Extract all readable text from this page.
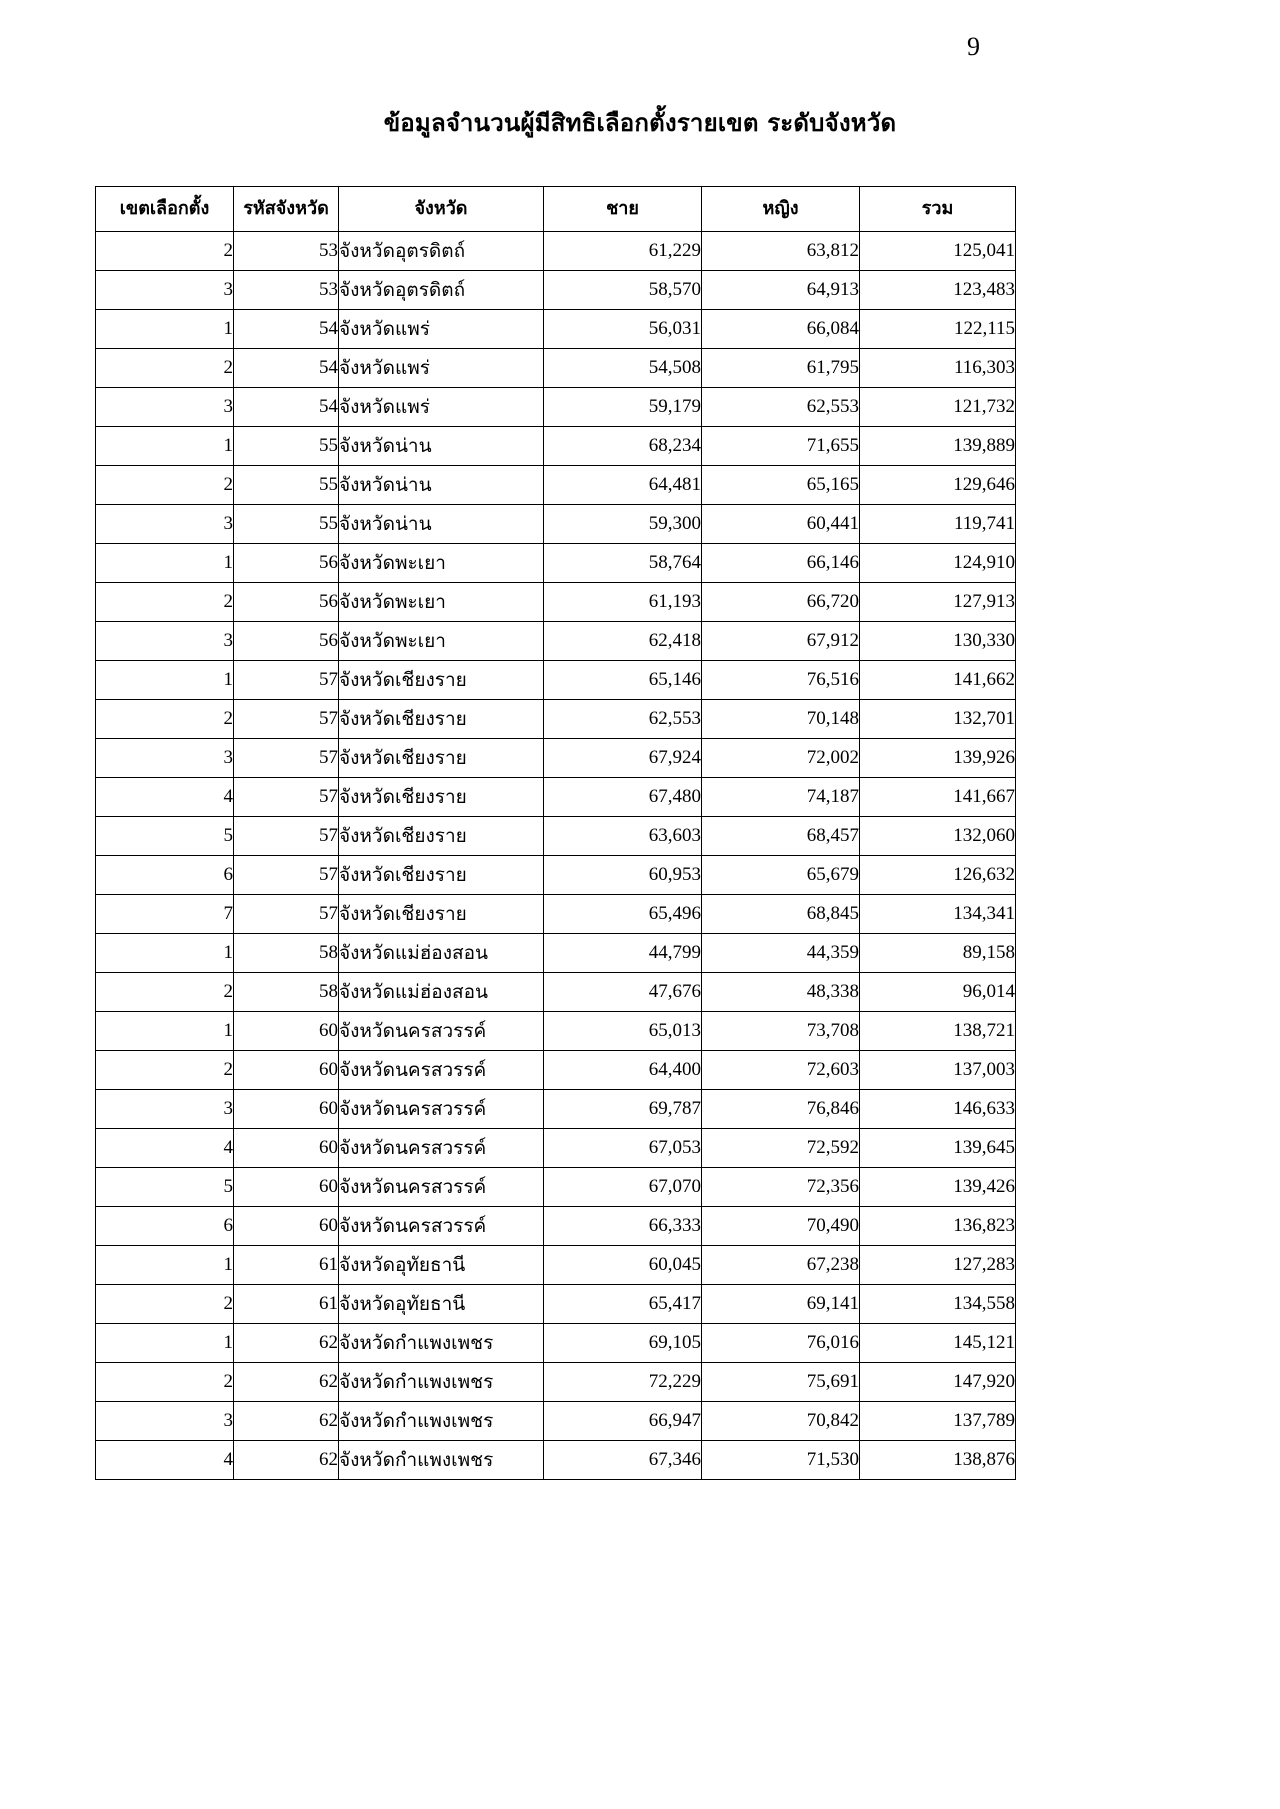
9
ข้อมูลจำนวนผู้มีสิทธิเลือกตั้งรายเขต ระดับจังหวัด
เขตเลือกตั้ง	รหัสจังหวัด	จังหวัด	ชาย	หญิง	รวม
2	53	จังหวัดอุตรดิตถ์	61,229	63,812	125,041
3	53	จังหวัดอุตรดิตถ์	58,570	64,913	123,483
1	54	จังหวัดแพร่	56,031	66,084	122,115
2	54	จังหวัดแพร่	54,508	61,795	116,303
3	54	จังหวัดแพร่	59,179	62,553	121,732
1	55	จังหวัดน่าน	68,234	71,655	139,889
2	55	จังหวัดน่าน	64,481	65,165	129,646
3	55	จังหวัดน่าน	59,300	60,441	119,741
1	56	จังหวัดพะเยา	58,764	66,146	124,910
2	56	จังหวัดพะเยา	61,193	66,720	127,913
3	56	จังหวัดพะเยา	62,418	67,912	130,330
1	57	จังหวัดเชียงราย	65,146	76,516	141,662
2	57	จังหวัดเชียงราย	62,553	70,148	132,701
3	57	จังหวัดเชียงราย	67,924	72,002	139,926
4	57	จังหวัดเชียงราย	67,480	74,187	141,667
5	57	จังหวัดเชียงราย	63,603	68,457	132,060
6	57	จังหวัดเชียงราย	60,953	65,679	126,632
7	57	จังหวัดเชียงราย	65,496	68,845	134,341
1	58	จังหวัดแม่ฮ่องสอน	44,799	44,359	89,158
2	58	จังหวัดแม่ฮ่องสอน	47,676	48,338	96,014
1	60	จังหวัดนครสวรรค์	65,013	73,708	138,721
2	60	จังหวัดนครสวรรค์	64,400	72,603	137,003
3	60	จังหวัดนครสวรรค์	69,787	76,846	146,633
4	60	จังหวัดนครสวรรค์	67,053	72,592	139,645
5	60	จังหวัดนครสวรรค์	67,070	72,356	139,426
6	60	จังหวัดนครสวรรค์	66,333	70,490	136,823
1	61	จังหวัดอุทัยธานี	60,045	67,238	127,283
2	61	จังหวัดอุทัยธานี	65,417	69,141	134,558
1	62	จังหวัดกำแพงเพชร	69,105	76,016	145,121
2	62	จังหวัดกำแพงเพชร	72,229	75,691	147,920
3	62	จังหวัดกำแพงเพชร	66,947	70,842	137,789
4	62	จังหวัดกำแพงเพชร	67,346	71,530	138,876
